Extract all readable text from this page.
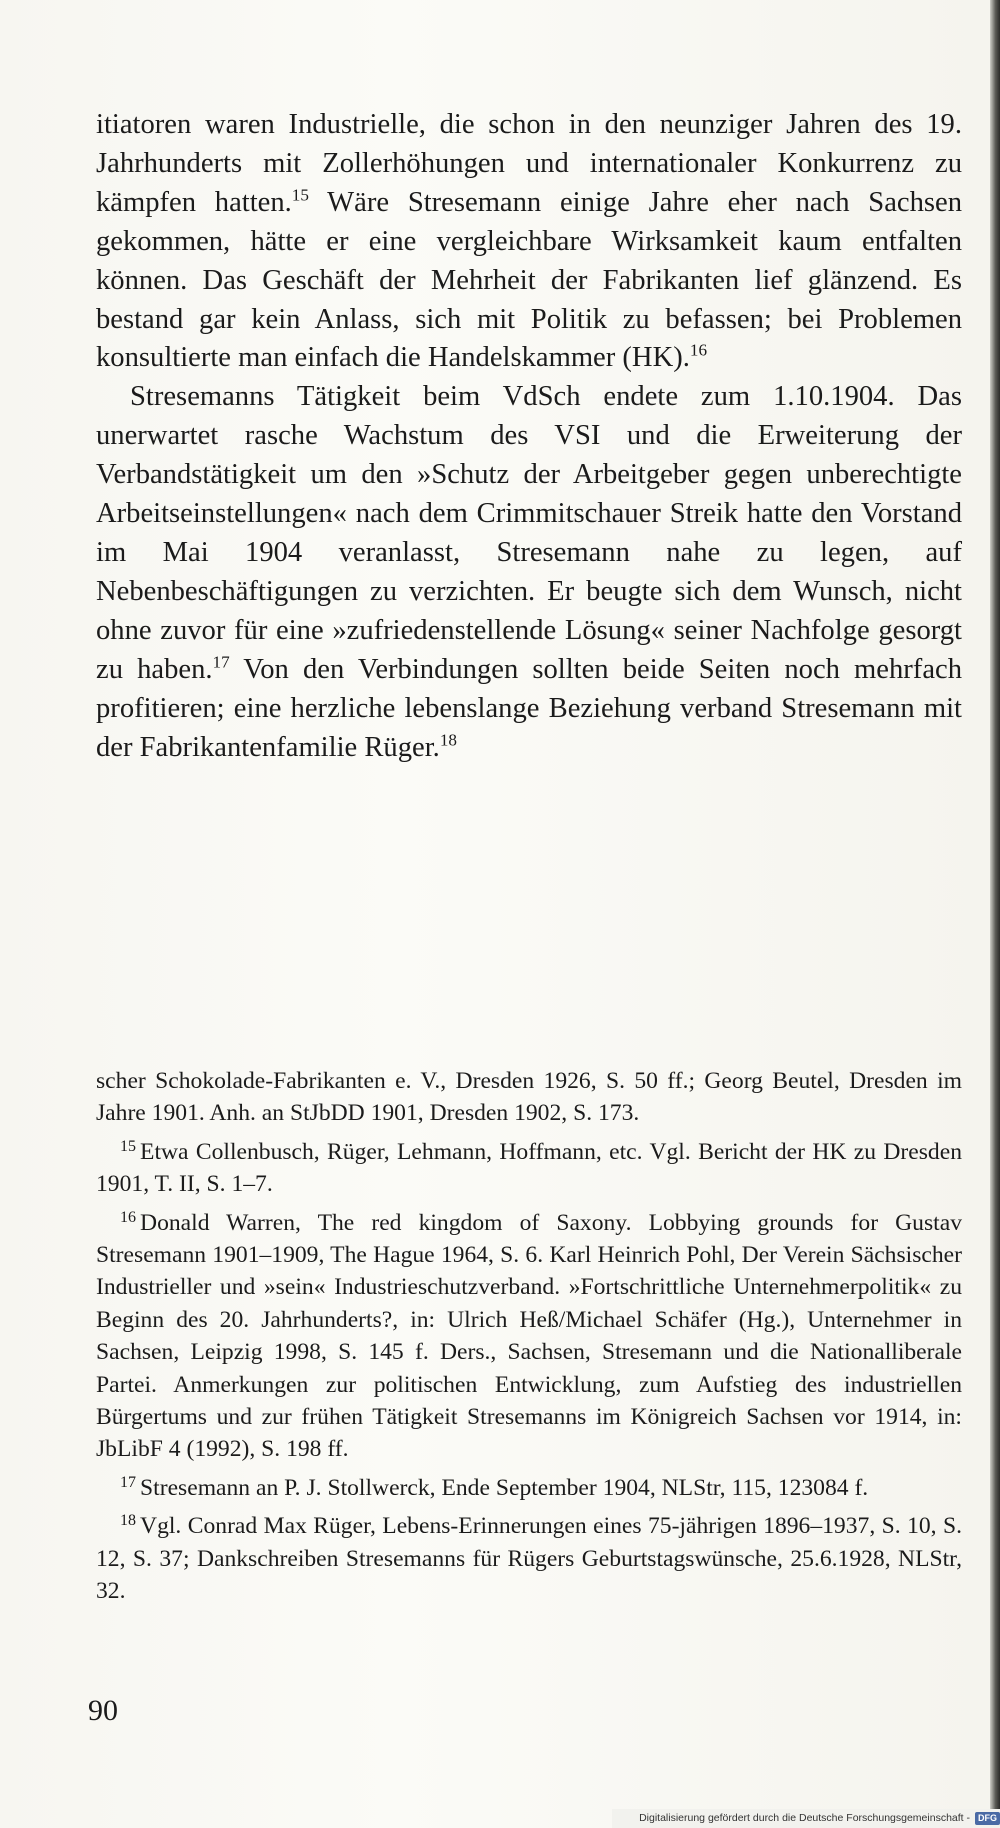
itiatoren waren Industrielle, die schon in den neunziger Jahren des 19. Jahrhunderts mit Zollerhöhungen und internationaler Konkurrenz zu kämpfen hatten.$^{15}$ Wäre Stresemann einige Jahre eher nach Sachsen gekommen, hätte er eine vergleichbare Wirksamkeit kaum entfalten können. Das Geschäft der Mehrheit der Fabrikanten lief glänzend. Es bestand gar kein Anlass, sich mit Politik zu befassen; bei Problemen konsultierte man einfach die Handelskammer (HK).$^{16}$

Stresemanns Tätigkeit beim VdSch endete zum 1.10.1904. Das unerwartet rasche Wachstum des VSI und die Erweiterung der Verbandstätigkeit um den »Schutz der Arbeitgeber gegen unberechtigte Arbeitseinstellungen« nach dem Crimmitschauer Streik hatte den Vorstand im Mai 1904 veranlasst, Stresemann nahe zu legen, auf Nebenbeschäftigungen zu verzichten. Er beugte sich dem Wunsch, nicht ohne zuvor für eine »zufriedenstellende Lösung« seiner Nachfolge gesorgt zu haben.$^{17}$ Von den Verbindungen sollten beide Seiten noch mehrfach profitieren; eine herzliche lebenslange Beziehung verband Stresemann mit der Fabrikantenfamilie Rüger.$^{18}$

scher Schokolade-Fabrikanten e. V., Dresden 1926, S. 50 ff.; Georg Beutel, Dresden im Jahre 1901. Anh. an StJbDD 1901, Dresden 1902, S. 173.

$^{15}$ Etwa Collenbusch, Rüger, Lehmann, Hoffmann, etc. Vgl. Bericht der HK zu Dresden 1901, T. II, S. 1–7.

$^{16}$ Donald Warren, The red kingdom of Saxony. Lobbying grounds for Gustav Stresemann 1901–1909, The Hague 1964, S. 6. Karl Heinrich Pohl, Der Verein Sächsischer Industrieller und »sein« Industrieschutzverband. »Fortschrittliche Unternehmerpolitik« zu Beginn des 20. Jahrhunderts?, in: Ulrich Heß/Michael Schäfer (Hg.), Unternehmer in Sachsen, Leipzig 1998, S. 145 f. Ders., Sachsen, Stresemann und die Nationalliberale Partei. Anmerkungen zur politischen Entwicklung, zum Aufstieg des industriellen Bürgertums und zur frühen Tätigkeit Stresemanns im Königreich Sachsen vor 1914, in: JbLibF 4 (1992), S. 198 ff.

$^{17}$ Stresemann an P. J. Stollwerck, Ende September 1904, NLStr, 115, 123084 f.

$^{18}$ Vgl. Conrad Max Rüger, Lebens-Erinnerungen eines 75-jährigen 1896–1937, S. 10, S. 12, S. 37; Dankschreiben Stresemanns für Rügers Geburtstagswünsche, 25.6.1928, NLStr, 32.

90
Digitalisierung gefördert durch die Deutsche Forschungsgemeinschaft - DFG
